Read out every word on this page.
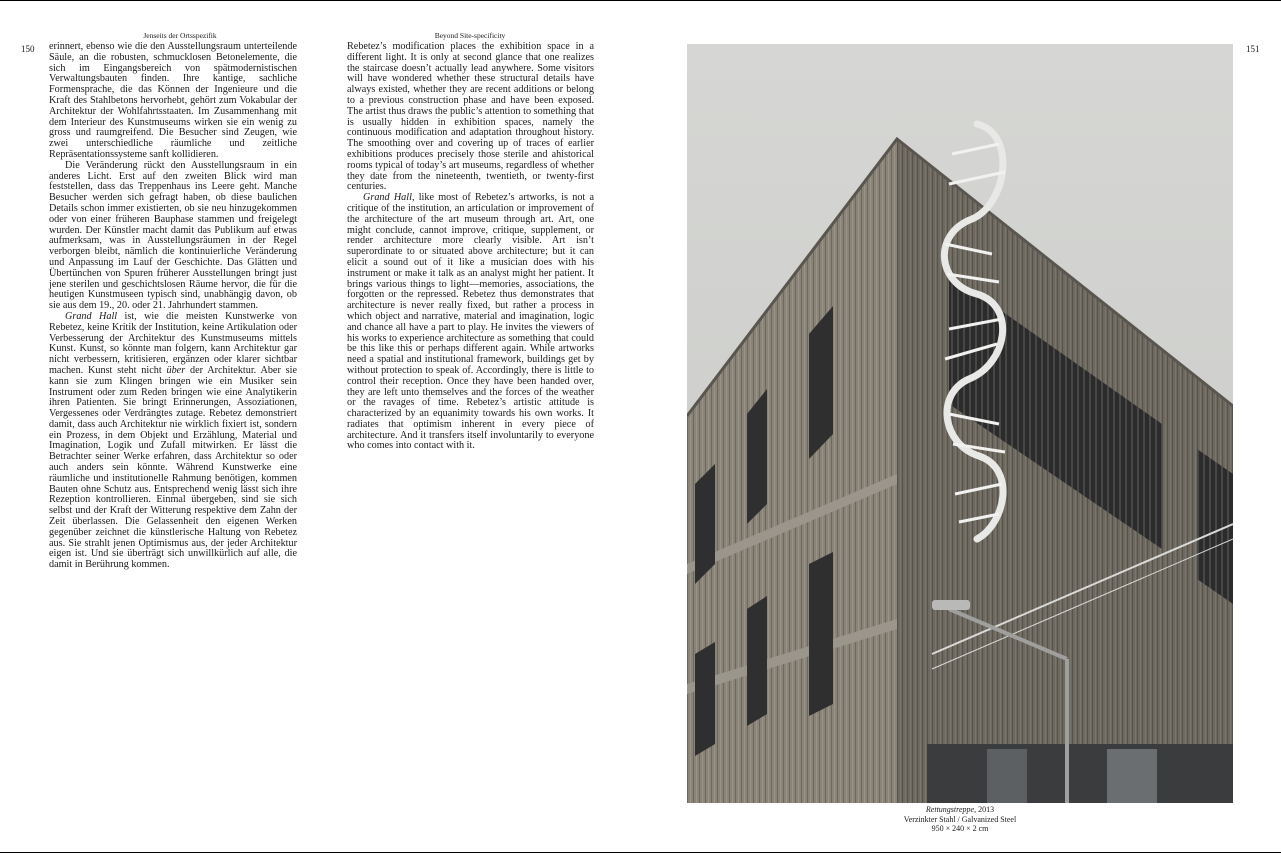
Jenseits der Ortsspezifik	Beyond Site-specificity
150	151

erinnert, ebenso wie die den Ausstellungsraum unterteilende Säule, an die robusten, schmucklosen Betonelemente, die sich im Eingangsbereich von spätmodernistischen Verwaltungsbauten finden. Ihre kantige, sachliche Formensprache, die das Können der Ingenieure und die Kraft des Stahlbetons hervorhebt, gehört zum Vokabular der Architektur der Wohlfahrtsstaaten. Im Zusammenhang mit dem Interieur des Kunstmuseums wirken sie ein wenig zu gross und raumgreifend. Die Besucher sind Zeugen, wie zwei unterschiedliche räumliche und zeitliche Repräsentationssysteme sanft kollidieren.

Die Veränderung rückt den Ausstellungsraum in ein anderes Licht. Erst auf den zweiten Blick wird man feststellen, dass das Treppenhaus ins Leere geht. Manche Besucher werden sich gefragt haben, ob diese baulichen Details schon immer existierten, ob sie neu hinzugekommen oder von einer früheren Bauphase stammen und freigelegt wurden. Der Künstler macht damit das Publikum auf etwas aufmerksam, was in Ausstellungsräumen in der Regel verborgen bleibt, nämlich die kontinuierliche Veränderung und Anpassung im Lauf der Geschichte. Das Glätten und Übertünchen von Spuren früherer Ausstellungen bringt just jene sterilen und geschichtslosen Räume hervor, die für die heutigen Kunstmuseen typisch sind, unabhängig davon, ob sie aus dem 19., 20. oder 21. Jahrhundert stammen.

Grand Hall ist, wie die meisten Kunstwerke von Rebetez, keine Kritik der Institution, keine Artikulation oder Verbesserung der Architektur des Kunstmuseums mittels Kunst. Kunst, so könnte man folgern, kann Architektur gar nicht verbessern, kritisieren, ergänzen oder klarer sichtbar machen. Kunst steht nicht über der Architektur. Aber sie kann sie zum Klingen bringen wie ein Musiker sein Instrument oder zum Reden bringen wie eine Analytikerin ihren Patienten. Sie bringt Erinnerungen, Assoziationen, Vergessenes oder Verdrängtes zutage. Rebetez demonstriert damit, dass auch Architektur nie wirklich fixiert ist, sondern ein Prozess, in dem Objekt und Erzählung, Material und Imagination, Logik und Zufall mitwirken. Er lässt die Betrachter seiner Werke erfahren, dass Architektur so oder auch anders sein könnte. Während Kunstwerke eine räumliche und institutionelle Rahmung benötigen, kommen Bauten ohne Schutz aus. Entsprechend wenig lässt sich ihre Rezeption kontrollieren. Einmal übergeben, sind sie sich selbst und der Kraft der Witterung respektive dem Zahn der Zeit überlassen. Die Gelassenheit den eigenen Werken gegenüber zeichnet die künstlerische Haltung von Rebetez aus. Sie strahlt jenen Optimismus aus, der jeder Architektur eigen ist. Und sie überträgt sich unwillkürlich auf alle, die damit in Berührung kommen.

Rebetez’s modification places the exhibition space in a different light. It is only at second glance that one realizes the staircase doesn’t actually lead anywhere. Some visitors will have wondered whether these structural details have always existed, whether they are recent additions or belong to a previous construction phase and have been exposed. The artist thus draws the public’s attention to something that is usually hidden in exhibition spaces, namely the continuous modification and adaptation throughout history. The smoothing over and covering up of traces of earlier exhibitions produces precisely those sterile and ahistorical rooms typical of today’s art museums, regardless of whether they date from the nineteenth, twentieth, or twenty-first centuries.

Grand Hall, like most of Rebetez’s artworks, is not a critique of the institution, an articulation or improvement of the architecture of the art museum through art. Art, one might conclude, cannot improve, critique, supplement, or render architecture more clearly visible. Art isn’t superordinate to or situated above architecture; but it can elicit a sound out of it like a musician does with his instrument or make it talk as an analyst might her patient. It brings various things to light—memories, associations, the forgotten or the repressed. Rebetez thus demonstrates that architecture is never really fixed, but rather a process in which object and narrative, material and imagination, logic and chance all have a part to play. He invites the viewers of his works to experience architecture as something that could be this like this or perhaps different again. While artworks need a spatial and institutional framework, buildings get by without protection to speak of. Accordingly, there is little to control their reception. Once they have been handed over, they are left unto themselves and the forces of the weather or the ravages of time. Rebetez’s artistic attitude is characterized by an equanimity towards his own works. It radiates that optimism inherent in every piece of architecture. And it transfers itself involuntarily to everyone who comes into contact with it.

Rettungstreppe, 2013
Verzinkter Stahl / Galvanized Steel
950 × 240 × 2 cm
